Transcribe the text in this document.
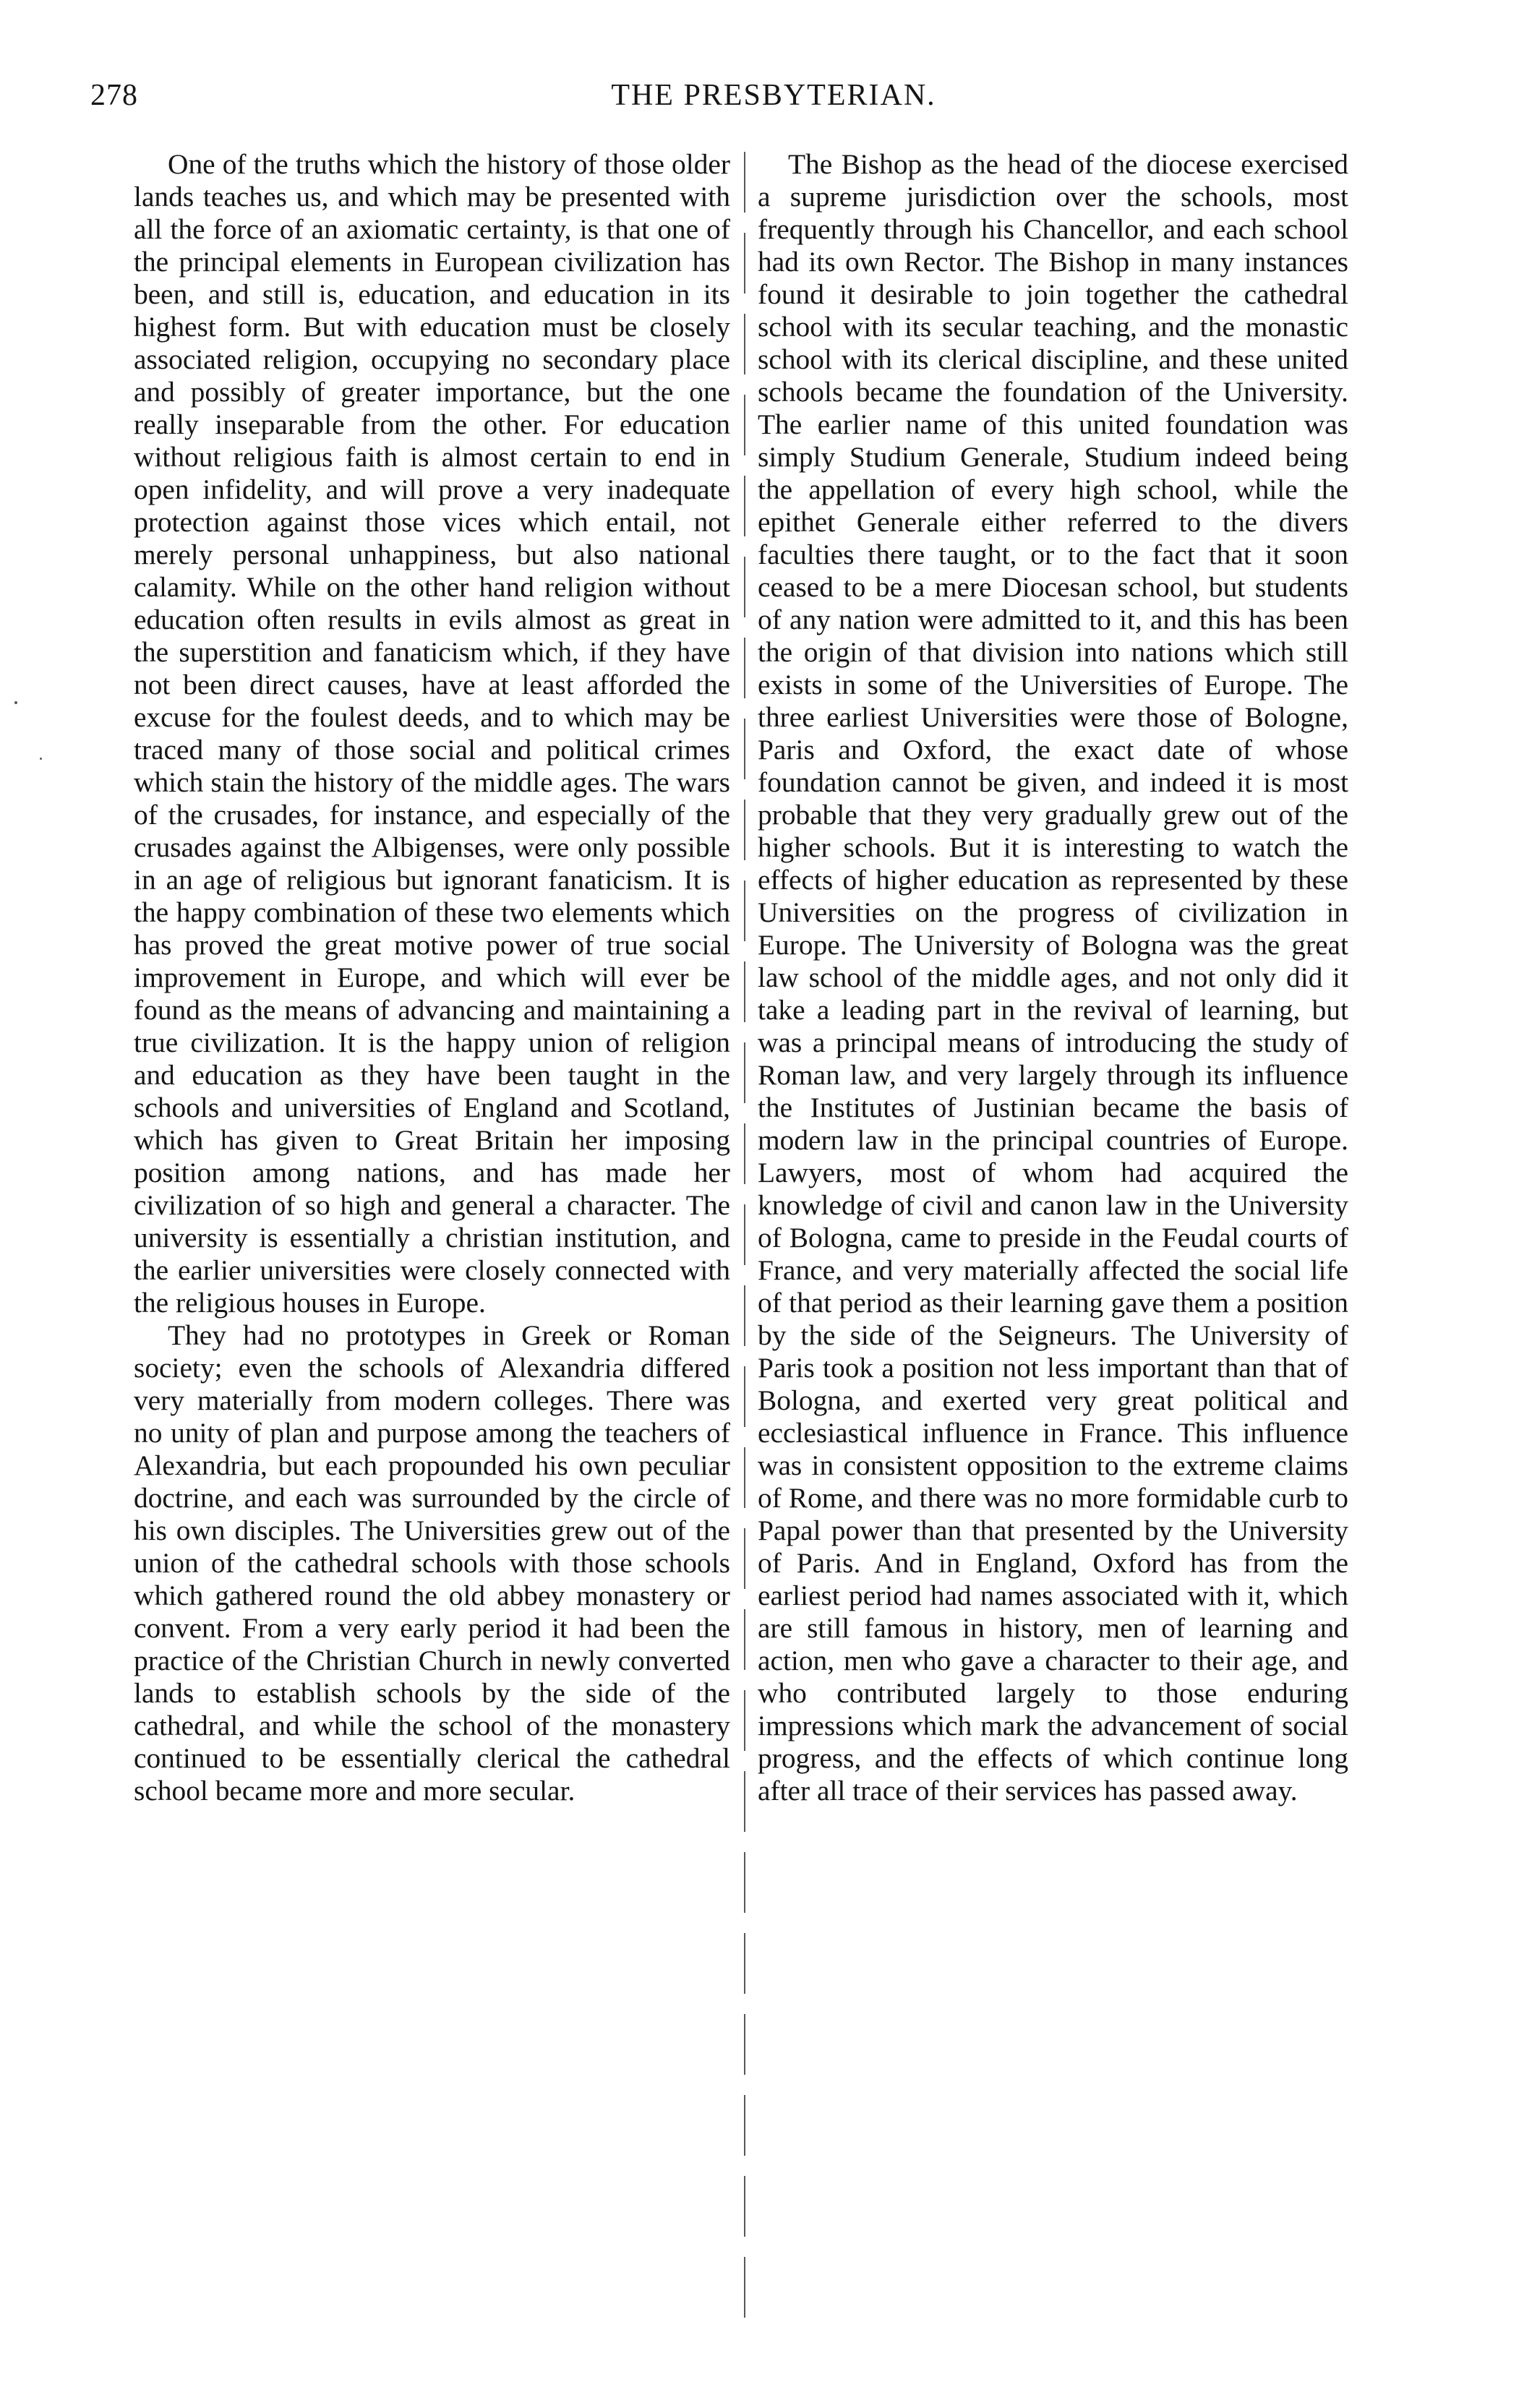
278	THE PRESBYTERIAN.

One of the truths which the history of those older lands teaches us, and which may be presented with all the force of an axiomatic certainty, is that one of the principal elements in European civilization has been, and still is, education, and education in its highest form. But with education must be closely associated religion, occupying no secondary place and possibly of greater importance, but the one really inseparable from the other. For education without religious faith is almost certain to end in open infidelity, and will prove a very inadequate protection against those vices which entail, not merely personal unhappiness, but also national calamity. While on the other hand religion without education often results in evils almost as great in the superstition and fanaticism which, if they have not been direct causes, have at least afforded the excuse for the foulest deeds, and to which may be traced many of those social and political crimes which stain the history of the middle ages. The wars of the crusades, for instance, and especially of the crusades against the Albigenses, were only possible in an age of religious but ignorant fanaticism. It is the happy combination of these two elements which has proved the great motive power of true social improvement in Europe, and which will ever be found as the means of advancing and maintaining a true civilization. It is the happy union of religion and education as they have been taught in the schools and universities of England and Scotland, which has given to Great Britain her imposing position among nations, and has made her civilization of so high and general a character. The university is essentially a christian institution, and the earlier universities were closely connected with the religious houses in Europe.

They had no prototypes in Greek or Roman society; even the schools of Alexandria differed very materially from modern colleges. There was no unity of plan and purpose among the teachers of Alexandria, but each propounded his own peculiar doctrine, and each was surrounded by the circle of his own disciples. The Universities grew out of the union of the cathedral schools with those schools which gathered round the old abbey monastery or convent. From a very early period it had been the practice of the Christian Church in newly converted lands to establish schools by the side of the cathedral, and while the school of the monastery continued to be essentially clerical the cathedral school became more and more secular.

The Bishop as the head of the diocese exercised a supreme jurisdiction over the schools, most frequently through his Chancellor, and each school had its own Rector. The Bishop in many instances found it desirable to join together the cathedral school with its secular teaching, and the monastic school with its clerical discipline, and these united schools became the foundation of the University. The earlier name of this united foundation was simply Studium Generale, Studium indeed being the appellation of every high school, while the epithet Generale either referred to the divers faculties there taught, or to the fact that it soon ceased to be a mere Diocesan school, but students of any nation were admitted to it, and this has been the origin of that division into nations which still exists in some of the Universities of Europe. The three earliest Universities were those of Bologne, Paris and Oxford, the exact date of whose foundation cannot be given, and indeed it is most probable that they very gradually grew out of the higher schools. But it is interesting to watch the effects of higher education as represented by these Universities on the progress of civilization in Europe. The University of Bologna was the great law school of the middle ages, and not only did it take a leading part in the revival of learning, but was a principal means of introducing the study of Roman law, and very largely through its influence the Institutes of Justinian became the basis of modern law in the principal countries of Europe. Lawyers, most of whom had acquired the knowledge of civil and canon law in the University of Bologna, came to preside in the Feudal courts of France, and very materially affected the social life of that period as their learning gave them a position by the side of the Seigneurs. The University of Paris took a position not less important than that of Bologna, and exerted very great political and ecclesiastical influence in France. This influence was in consistent opposition to the extreme claims of Rome, and there was no more formidable curb to Papal power than that presented by the University of Paris. And in England, Oxford has from the earliest period had names associated with it, which are still famous in history, men of learning and action, men who gave a character to their age, and who contributed largely to those enduring impressions which mark the advancement of social progress, and the effects of which continue long after all trace of their services has passed away.
